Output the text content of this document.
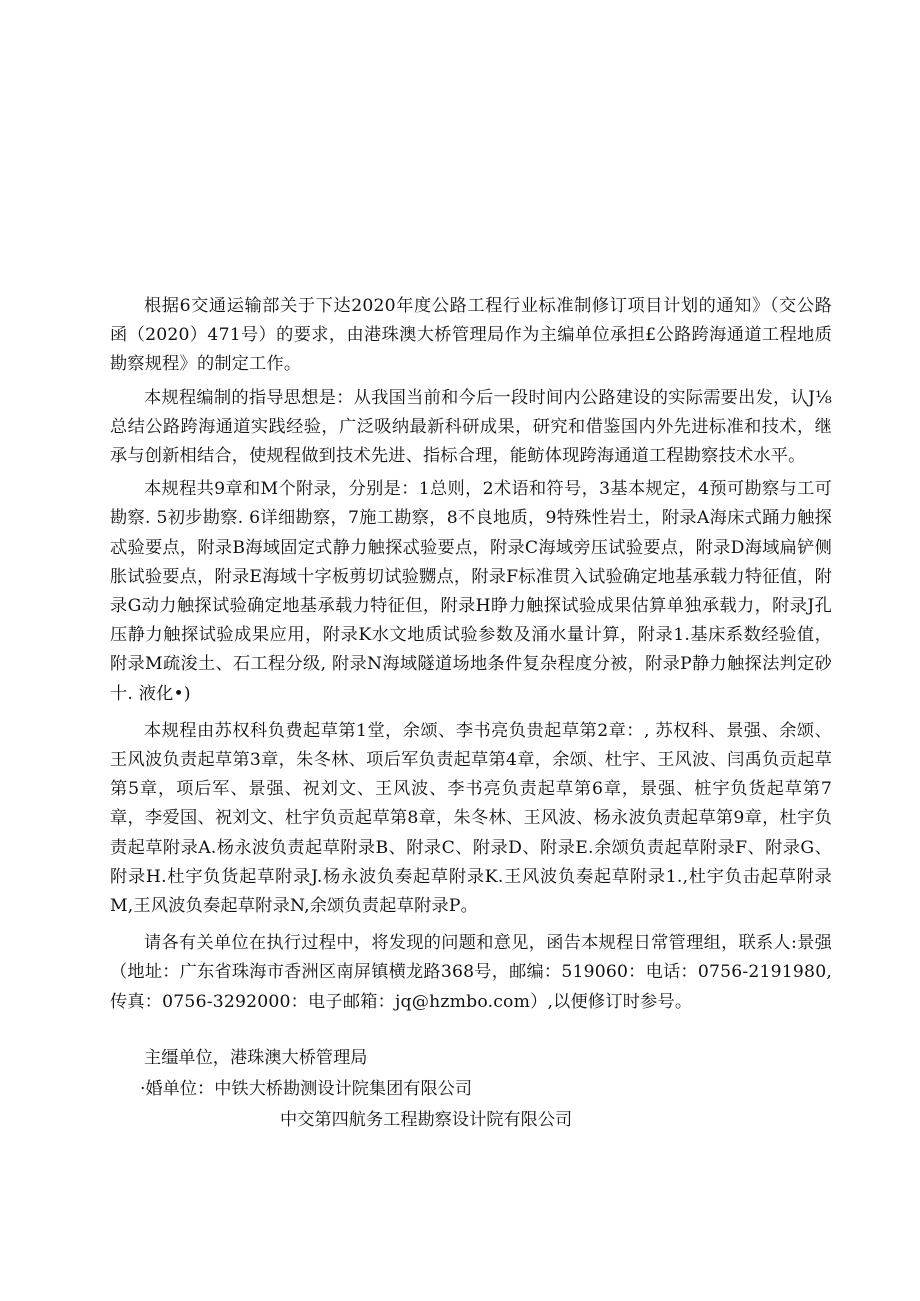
根据6交通运输部关于下达2020年度公路工程行业标准制修订项目计划的通知》（交公路函（2020）471号）的要求，由港珠澳大桥管理局作为主编单位承担£公路跨海通道工程地质勘察规程》的制定工作。

本规程编制的指导思想是：从我国当前和今后一段时间内公路建设的实际需要出发，认J⅛总结公路跨海通道实践经验，广泛吸纳最新科研成果，研究和借鉴国内外先进标准和技术，继承与创新相结合，使规程做到技术先进、指标合理，能鲂体现跨海通道工程勘察技术水平。

本规程共9章和M个附录，分别是：1总则，2术语和符号，3基本规定，4预可勘察与工可勘察. 5初步勘察. 6详细勘察，7施工勘察，8不良地质，9特殊性岩土，附录A海床式踊力触探忒验要点，附录B海域固定式静力触探忒验要点，附录C海域旁压试验要点，附录D海域扁铲侧胀试验要点，附录E海域十字板剪切试验嬲点，附录F标准贯入试验确定地基承载力特征值，附录G动力触探试验确定地基承载力特征但，附录H睁力触探试验成果估算单独承载力，附录J孔压静力触探试验成果应用，附录K水文地质试验参数及涌水量计算，附录1.基床系数经验值，附录M疏浚土、石工程分级, 附录N海域隧道场地条件复杂程度分被，附录P静力触探法判定砂十. 液化•)

本规程由苏权科负费起草第1堂，余颂、李书亮负贵起草第2章：, 苏权科、景强、余颂、王风波负责起草第3章，朱冬林、项后军负责起草第4章，余颂、杜宇、王风波、闫禹负贡起草第5章，项后军、景强、祝刘文、王风波、李书亮负责起草第6章，景强、桩宇负货起草第7章，李爱国、祝刘文、杜宇负贡起草第8章，朱冬林、王风波、杨永波负责起草第9章，杜宇负责起草附录A.杨永波负责起草附录B、附录C、附录D、附录E.余颂负责起草附录F、附录G、附录H.杜宇负货起草附录J.杨永波负奏起草附录K.王风波负奏起草附录1.,杜宇负击起草附录M,王风波负奏起草附录N,余颂负责起草附录P。

请各有关单位在执行过程中，将发现的问题和意见，函告本规程日常管理组，联系人:景强（地址：广东省珠海市香洲区南屏镇横龙路368号，邮编：519060：电话：0756-2191980, 传真：0756-3292000：电子邮箱：jq@hzmbo.com）,以便修订时参号。

主缰单位，港珠澳大桥管理局
·婚单位：中铁大桥勘测设计院集团有限公司
中交第四航务工程勘察设计院有限公司
